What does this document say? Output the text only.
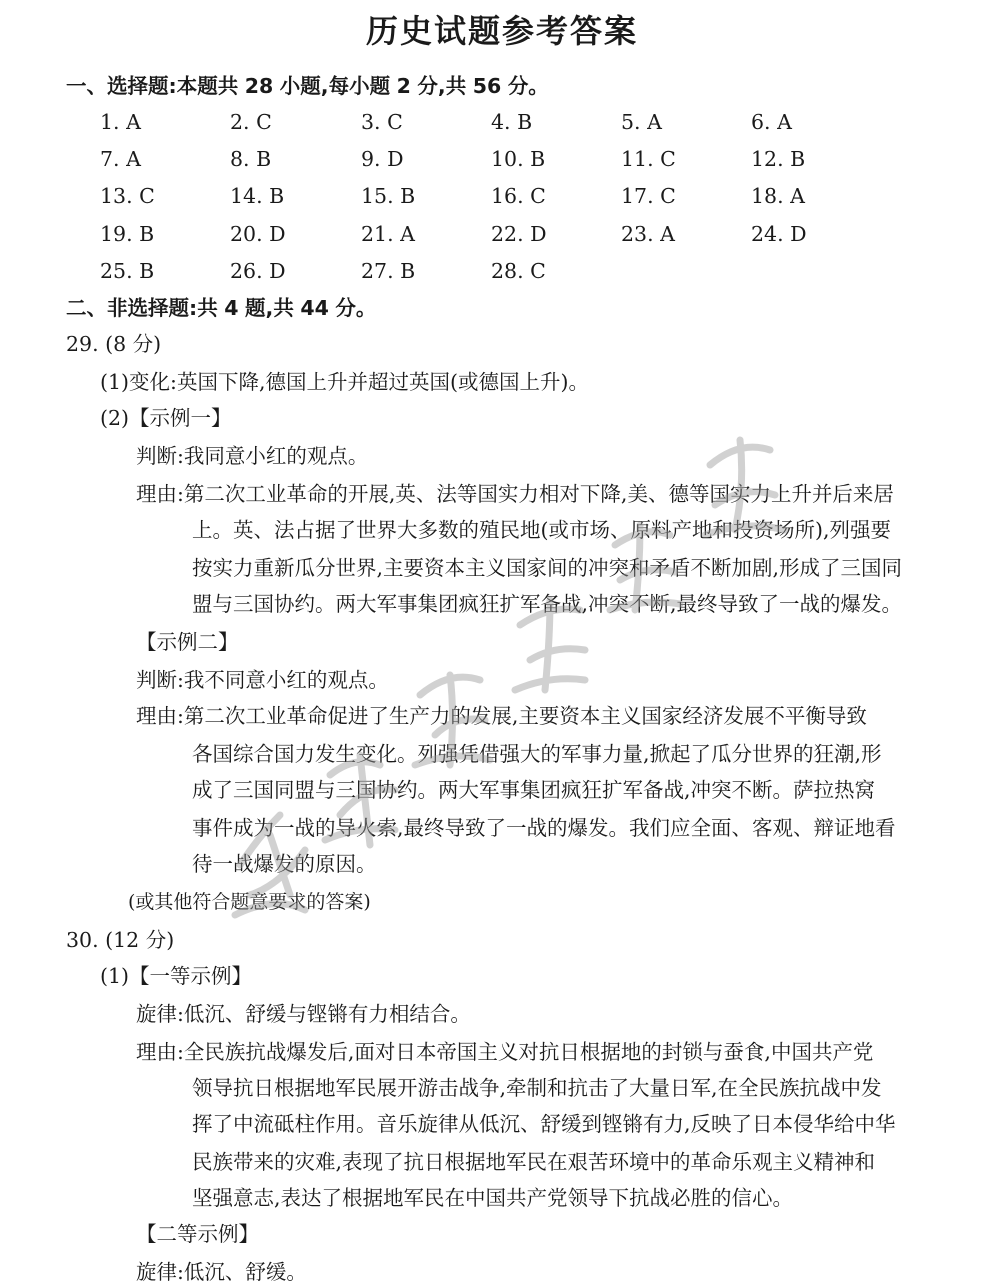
历史试题参考答案
一、选择题:本题共 28 小题,每小题 2 分,共 56 分。
1. A	2. C	3. C	4. B	5. A	6. A
7. A	8. B	9. D	10. B	11. C	12. B
13. C	14. B	15. B	16. C	17. C	18. A
19. B	20. D	21. A	22. D	23. A	24. D
25. B	26. D	27. B	28. C
二、非选择题:共 4 题,共 44 分。
29. (8 分)
(1)变化:英国下降,德国上升并超过英国(或德国上升)。
(2)【示例一】
判断:我同意小红的观点。
理由:第二次工业革命的开展,英、法等国实力相对下降,美、德等国实力上升并后来居
上。英、法占据了世界大多数的殖民地(或市场、原料产地和投资场所),列强要
按实力重新瓜分世界,主要资本主义国家间的冲突和矛盾不断加剧,形成了三国同
盟与三国协约。两大军事集团疯狂扩军备战,冲突不断,最终导致了一战的爆发。
【示例二】
判断:我不同意小红的观点。
理由:第二次工业革命促进了生产力的发展,主要资本主义国家经济发展不平衡导致
各国综合国力发生变化。列强凭借强大的军事力量,掀起了瓜分世界的狂潮,形
成了三国同盟与三国协约。两大军事集团疯狂扩军备战,冲突不断。萨拉热窝
事件成为一战的导火索,最终导致了一战的爆发。我们应全面、客观、辩证地看
待一战爆发的原因。
(或其他符合题意要求的答案)
30. (12 分)
(1)【一等示例】
旋律:低沉、舒缓与铿锵有力相结合。
理由:全民族抗战爆发后,面对日本帝国主义对抗日根据地的封锁与蚕食,中国共产党
领导抗日根据地军民展开游击战争,牵制和抗击了大量日军,在全民族抗战中发
挥了中流砥柱作用。音乐旋律从低沉、舒缓到铿锵有力,反映了日本侵华给中华
民族带来的灾难,表现了抗日根据地军民在艰苦环境中的革命乐观主义精神和
坚强意志,表达了根据地军民在中国共产党领导下抗战必胜的信心。
【二等示例】
旋律:低沉、舒缓。
